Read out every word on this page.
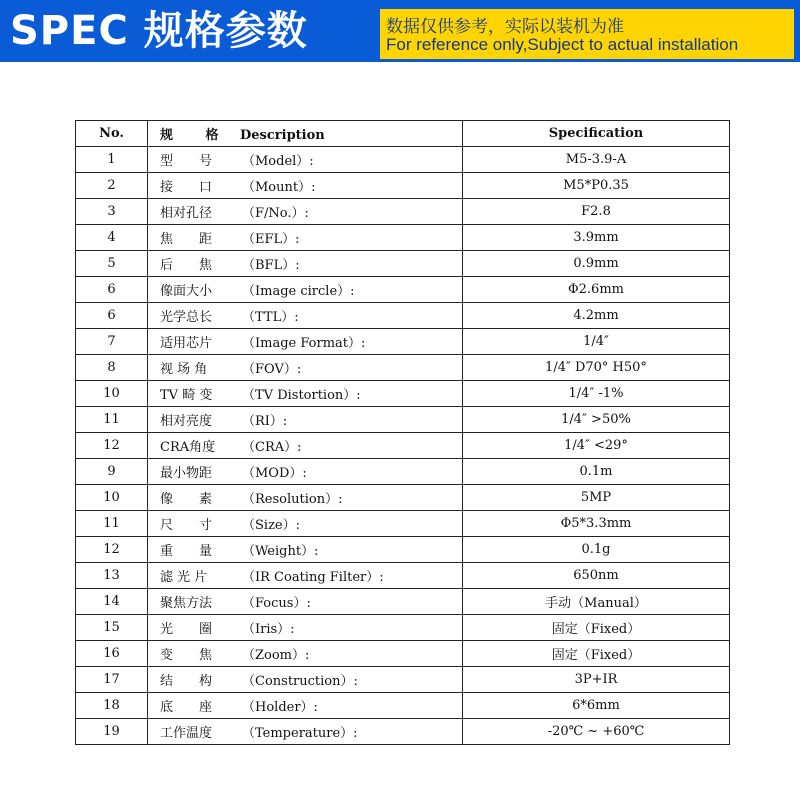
SPEC 规格参数	数据仅供参考，实际以装机为准
For reference only,Subject to actual installation
No.	规 格 Description	Specification
1	型　　号 （Model）:	M5-3.9-A
2	接　　口 （Mount）:	M5*P0.35
3	相对孔径 （F/No.）:	F2.8
4	焦　　距 （EFL）:	3.9mm
5	后　　焦 （BFL）:	0.9mm
6	像面大小 （Image circle）:	Φ2.6mm
6	光学总长 （TTL）:	4.2mm
7	适用芯片 （Image Format）:	1/4″
8	视 场 角 （FOV）:	1/4″ D70° H50°
10	TV 畸 变 （TV Distortion）:	1/4″ -1%
11	相对亮度 （RI）:	1/4″ >50%
12	CRA角度 （CRA）:	1/4″ <29°
9	最小物距 （MOD）:	0.1m
10	像　　素 （Resolution）:	5MP
11	尺　　寸 （Size）:	Φ5*3.3mm
12	重　　量 （Weight）:	0.1g
13	滤 光 片 （IR Coating Filter）:	650nm
14	聚焦方法 （Focus）:	手动（Manual）
15	光　　圈 （Iris）:	固定（Fixed）
16	变　　焦 （Zoom）:	固定（Fixed）
17	结　　构 （Construction）:	3P+IR
18	底　　座 （Holder）:	6*6mm
19	工作温度 （Temperature）:	-20℃ ~ +60℃
